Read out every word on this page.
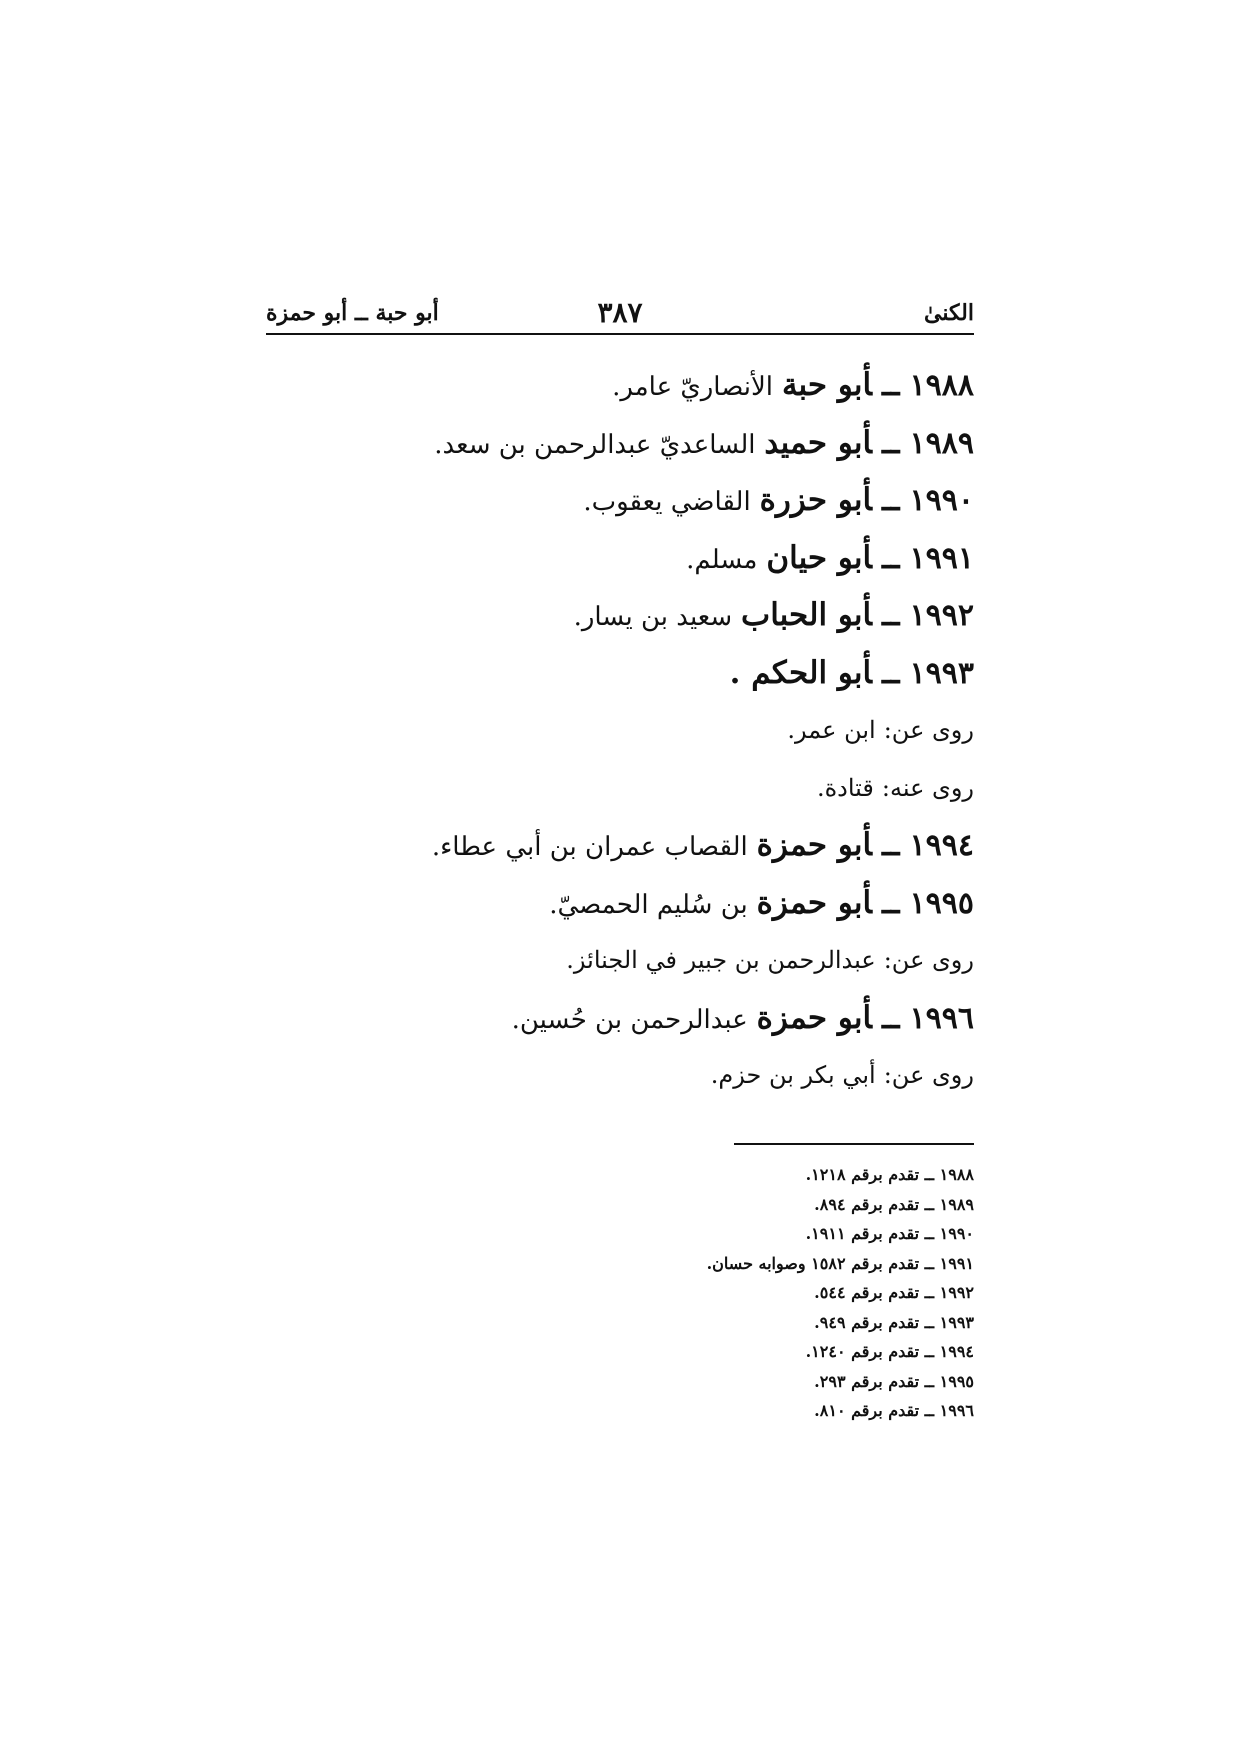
الكنىٰ
٣٨٧
أبو حبة ــ أبو حمزة
١٩٨٨ــأبو حبة الأنصاريّ عامر.
١٩٨٩ــأبو حميد الساعديّ عبدالرحمن بن سعد.
١٩٩٠ــأبو حزرة القاضي يعقوب.
١٩٩١ــأبو حيان مسلم.
١٩٩٢ــأبو الحباب سعيد بن يسار.
١٩٩٣ــأبو الحكم .
روى عن:ابن عمر.
روى عنه:قتادة.
١٩٩٤ــأبو حمزة القصاب عمران بن أبي عطاء.
١٩٩٥ــأبو حمزة بن سُليم الحمصيّ.
روى عن:عبدالرحمن بن جبير في الجنائز.
١٩٩٦ــأبو حمزة عبدالرحمن بن حُسين.
روى عن:أبي بكر بن حزم.
١٩٨٨ ــ تقدم برقم ١٢١٨.
١٩٨٩ ــ تقدم برقم ٨٩٤.
١٩٩٠ ــ تقدم برقم ١٩١١.
١٩٩١ ــ تقدم برقم ١٥٨٢ وصوابه حسان.
١٩٩٢ ــ تقدم برقم ٥٤٤.
١٩٩٣ ــ تقدم برقم ٩٤٩.
١٩٩٤ ــ تقدم برقم ١٢٤٠.
١٩٩٥ ــ تقدم برقم ٢٩٣.
١٩٩٦ ــ تقدم برقم ٨١٠.
